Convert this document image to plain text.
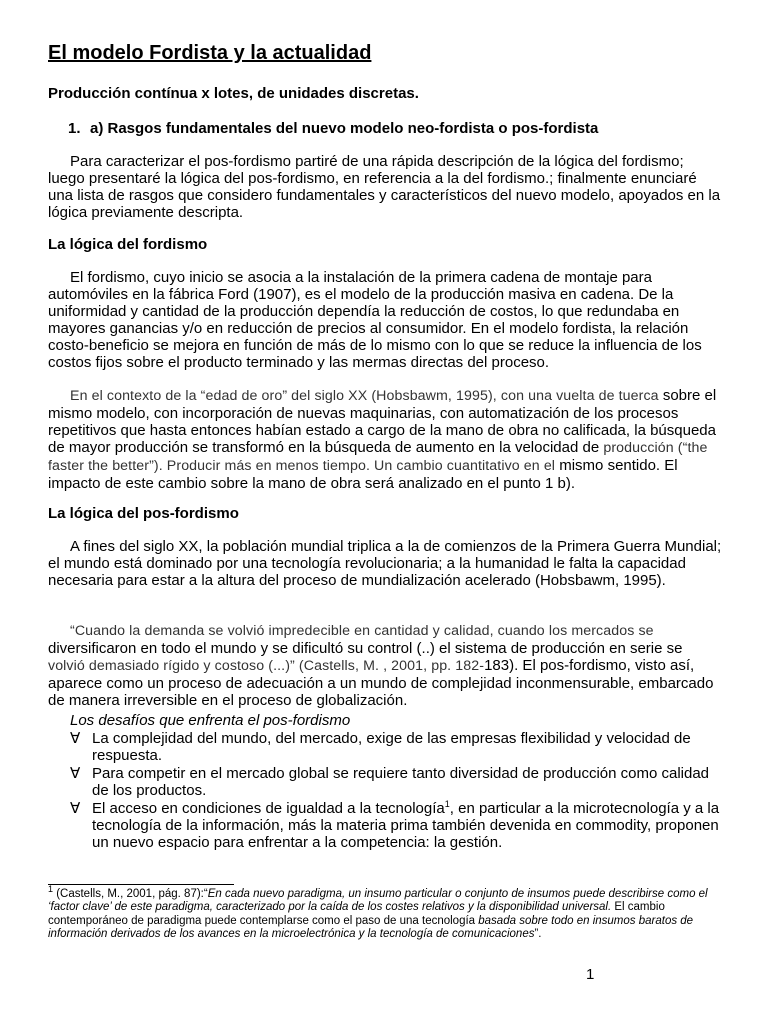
El modelo Fordista y la actualidad

Producción contínua x lotes, de unidades discretas.

1. a) Rasgos fundamentales del nuevo modelo neo-fordista o pos-fordista

Para caracterizar el pos-fordismo partiré de una rápida descripción de la lógica del fordismo; luego presentaré la lógica del pos-fordismo, en referencia a la del fordismo.; finalmente enunciaré una lista de rasgos que considero fundamentales y característicos del nuevo modelo, apoyados en la lógica previamente descripta.

La lógica del fordismo

El fordismo, cuyo inicio se asocia a la instalación de la primera cadena de montaje para automóviles en la fábrica Ford (1907), es el modelo de la producción masiva en cadena. De la uniformidad y cantidad de la producción dependía la reducción de costos, lo que redundaba en mayores ganancias y/o en reducción de precios al consumidor. En el modelo fordista, la relación costo-beneficio se mejora en función de más de lo mismo con lo que se reduce la influencia de los costos fijos sobre el producto terminado y las mermas directas del proceso.

En el contexto de la “edad de oro” del siglo XX (Hobsbawm, 1995), con una vuelta de tuerca sobre el mismo modelo, con incorporación de nuevas maquinarias, con automatización de los procesos repetitivos que hasta entonces habían estado a cargo de la mano de obra no calificada, la búsqueda de mayor producción se transformó en la búsqueda de aumento en la velocidad de producción (“the faster the better”). Producir más en menos tiempo. Un cambio cuantitativo en el mismo sentido. El impacto de este cambio sobre la mano de obra será analizado en el punto 1 b).

La lógica del pos-fordismo

A fines del siglo XX, la población mundial triplica a la de comienzos de la Primera Guerra Mundial; el mundo está dominado por una tecnología revolucionaria; a la humanidad le falta la capacidad necesaria para estar a la altura del proceso de mundialización acelerado (Hobsbawm, 1995).

“Cuando la demanda se volvió impredecible en cantidad y calidad, cuando los mercados se diversificaron en todo el mundo y se dificultó su control (..) el sistema de producción en serie se volvió demasiado rígido y costoso (...)” (Castells, M. , 2001, pp. 182-183). El pos-fordismo, visto así, aparece como un proceso de adecuación a un mundo de complejidad inconmensurable, embarcado de manera irreversible en el proceso de globalización.

Los desafíos que enfrenta el pos-fordismo

∀ La complejidad del mundo, del mercado, exige de las empresas flexibilidad y velocidad de respuesta.

∀ Para competir en el mercado global se requiere tanto diversidad de producción como calidad de los productos.

∀ El acceso en condiciones de igualdad a la tecnología$^1$, en particular a la microtecnología y a la tecnología de la información, más la materia prima también devenida en commodity, proponen un nuevo espacio para enfrentar a la competencia: la gestión.

$^1$ (Castells, M., 2001, pág. 87):“En cada nuevo paradigma, un insumo particular o conjunto de insumos puede describirse como el ‘factor clave’ de este paradigma, caracterizado por la caída de los costes relativos y la disponibilidad universal. El cambio contemporáneo de paradigma puede contemplarse como el paso de una tecnología basada sobre todo en insumos baratos de información derivados de los avances en la microelectrónica y la tecnología de comunicaciones”.

1
